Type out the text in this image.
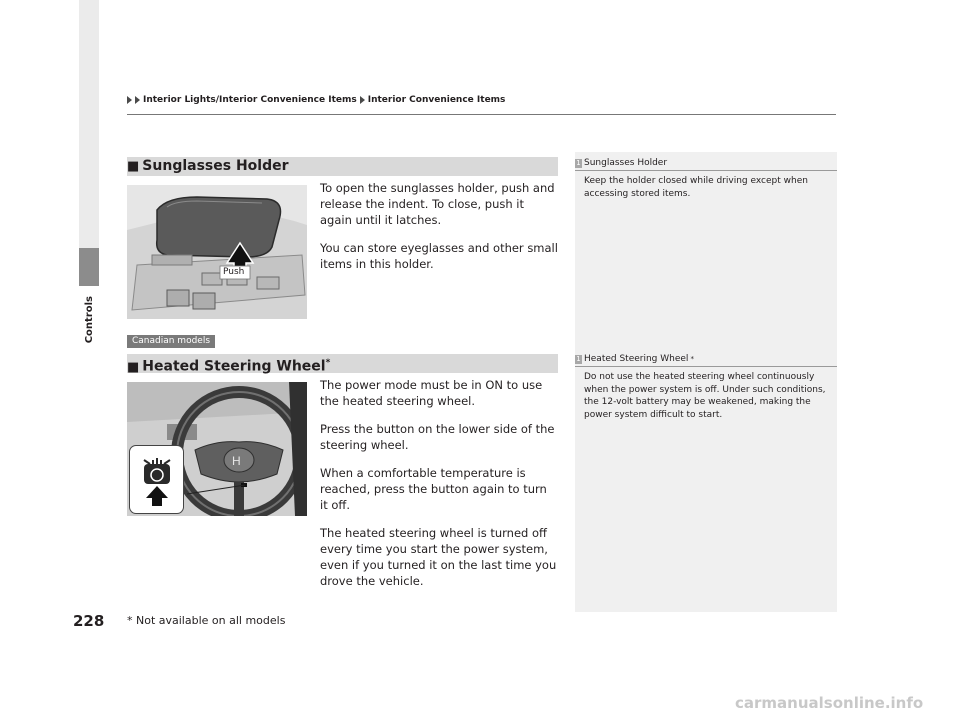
Controls
Interior Lights/Interior Convenience Items Interior Convenience Items
■ Sunglasses Holder
Push

To open the sunglasses holder, push and release the indent. To close, push it again until it latches.

You can store eyeglasses and other small items in this holder.

Canadian models
■ Heated Steering Wheel*
H

The power mode must be in ON to use the heated steering wheel.

Press the button on the lower side of the steering wheel.

When a comfortable temperature is reached, press the button again to turn it off.

The heated steering wheel is turned off every time you start the power system, even if you turned it on the last time you drove the vehicle.

1 Sunglasses Holder
Keep the holder closed while driving except when accessing stored items.
1 Heated Steering Wheel *
Do not use the heated steering wheel continuously when the power system is off. Under such conditions, the 12-volt battery may be weakened, making the power system difficult to start.
228 * Not available on all models
carmanualsonline.info
